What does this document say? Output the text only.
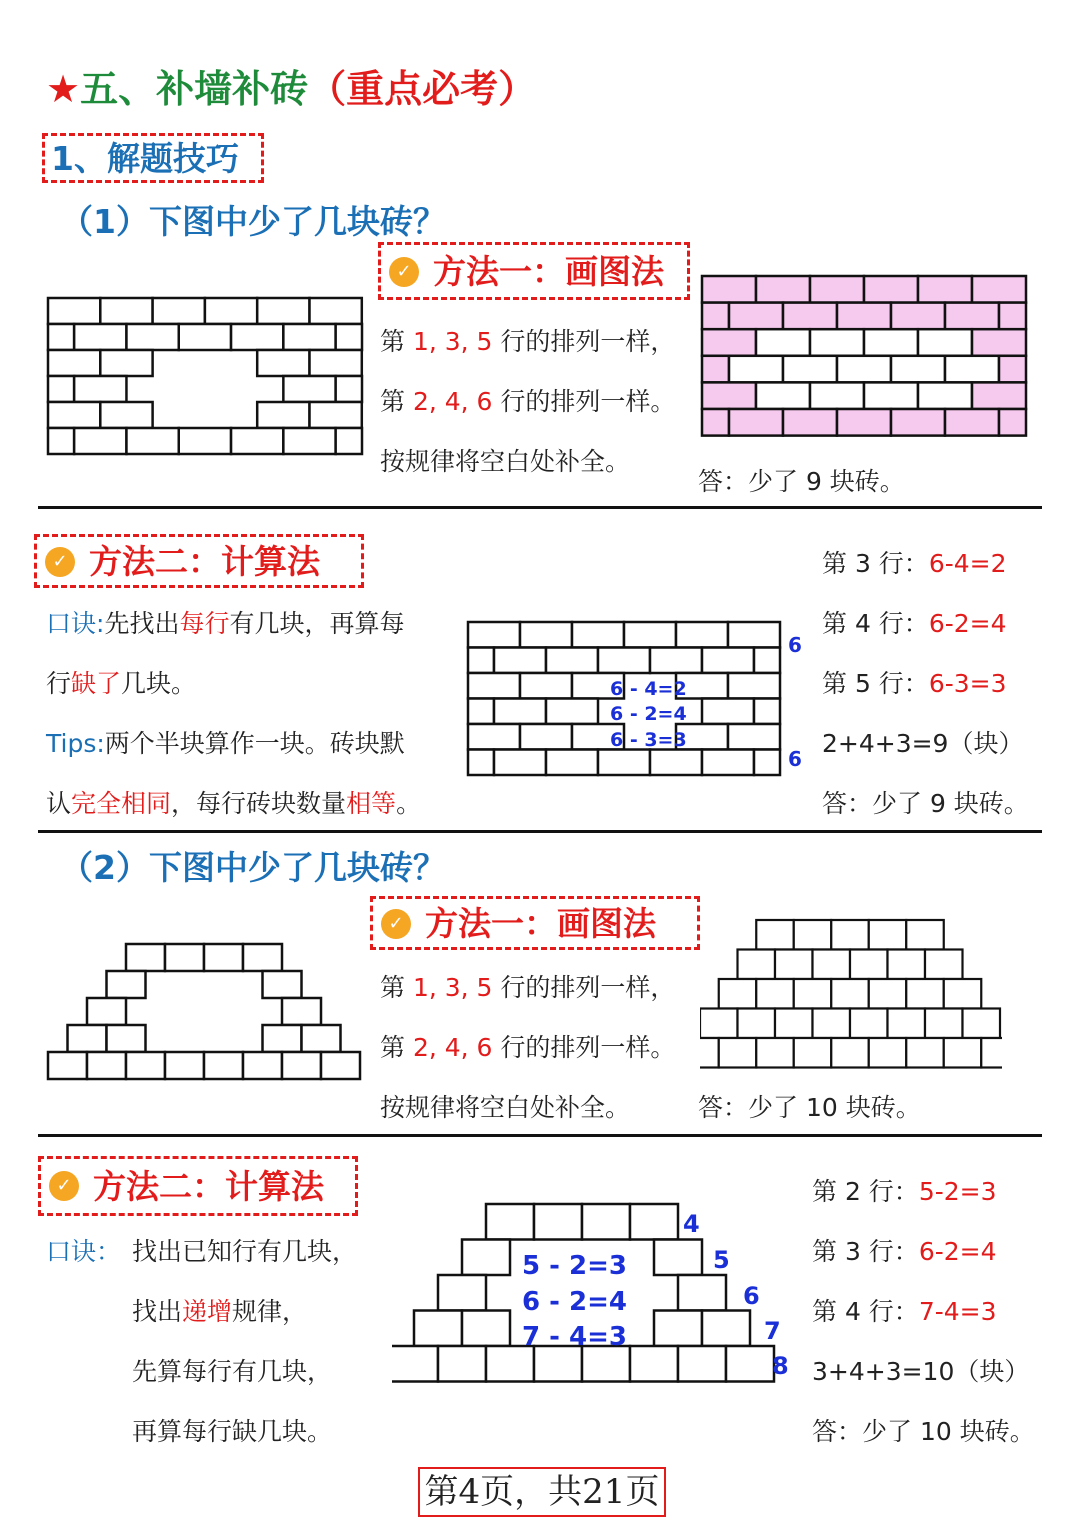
★五、补墙补砖（重点必考）
1、解题技巧
（1）下图中少了几块砖？
✓ 方法一：画图法
第 1, 3, 5 行的排列一样，
第 2, 4, 6 行的排列一样。
按规律将空白处补全。
答：少了 9 块砖。
✓ 方法二：计算法
口诀:先找出每行有几块，再算每
行缺了几块。
Tips:两个半块算作一块。砖块默
认完全相同，每行砖块数量相等。
6
6
6 - 4=2
6 - 2=4
6 - 3=3
第 3 行：6-4=2
第 4 行：6-2=4
第 5 行：6-3=3
2+4+3=9（块）
答：少了 9 块砖。
（2）下图中少了几块砖？
✓ 方法一：画图法
第 1, 3, 5 行的排列一样，
第 2, 4, 6 行的排列一样。
按规律将空白处补全。	答：少了 10 块砖。
✓ 方法二：计算法
口诀： 找出已知行有几块，
找出递增规律，
先算每行有几块，
再算每行缺几块。
4
5
6
7
8
5 - 2=3
6 - 2=4
7 - 4=3
第 2 行：5-2=3
第 3 行：6-2=4
第 4 行：7-4=3
3+4+3=10（块）
答：少了 10 块砖。
第4页，共21页
